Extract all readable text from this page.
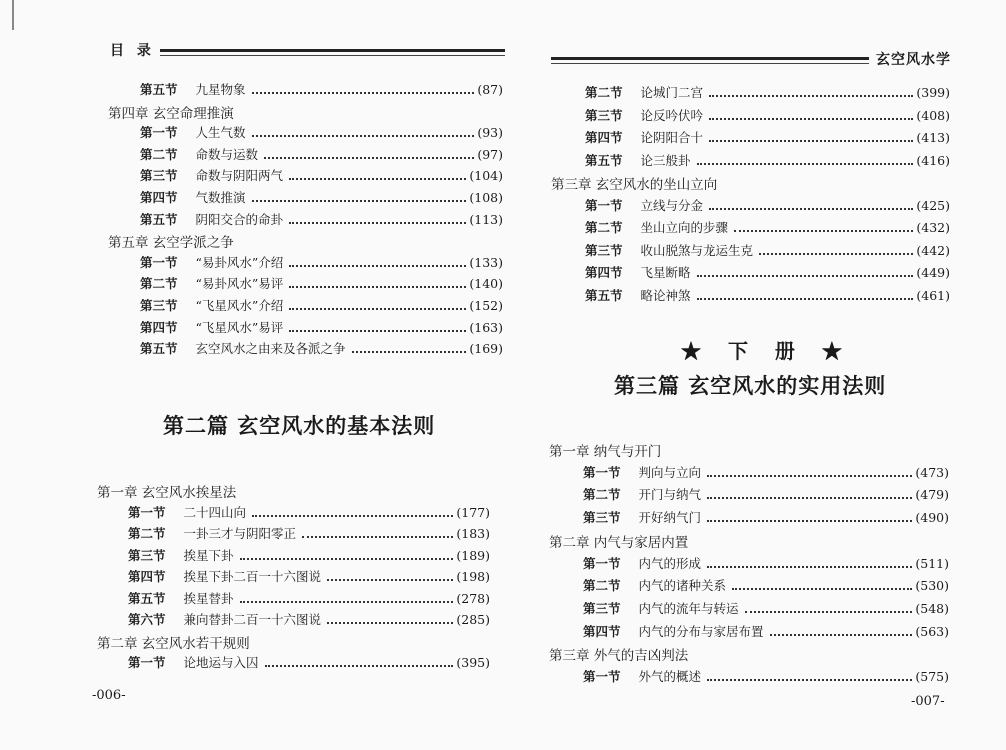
目 录
第五节 九星物象	(87)
第四章 玄空命理推演
第一节 人生气数	(93)
第二节 命数与运数	(97)
第三节 命数与阴阳两气	(104)
第四节 气数推演	(108)
第五节 阴阳交合的命卦	(113)
第五章 玄空学派之争
第一节 “易卦风水”介绍	(133)
第二节 “易卦风水”易评	(140)
第三节 “飞星风水”介绍	(152)
第四节 “飞星风水”易评	(163)
第五节 玄空风水之由来及各派之争	(169)
第二篇 玄空风水的基本法则
第一章 玄空风水挨星法
第一节 二十四山向	(177)
第二节 一卦三才与阴阳零正	(183)
第三节 挨星下卦	(189)
第四节 挨星下卦二百一十六图说	(198)
第五节 挨星替卦	(278)
第六节 兼向替卦二百一十六图说	(285)
第二章 玄空风水若干规则
第一节 论地运与入囚	(395)
-006-
玄空风水学
第二节 论城门二宫	(399)
第三节 论反吟伏吟	(408)
第四节 论阴阳合十	(413)
第五节 论三般卦	(416)
第三章 玄空风水的坐山立向
第一节 立线与分金	(425)
第二节 坐山立向的步骤	(432)
第三节 收山脱煞与龙运生克	(442)
第四节 飞星断略	(449)
第五节 略论神煞	(461)
★ 下 册 ★
第三篇 玄空风水的实用法则
第一章 纳气与开门
第一节 判向与立向	(473)
第二节 开门与纳气	(479)
第三节 开好纳气门	(490)
第二章 内气与家居内置
第一节 内气的形成	(511)
第二节 内气的诸种关系	(530)
第三节 内气的流年与转运	(548)
第四节 内气的分布与家居布置	(563)
第三章 外气的吉凶判法
第一节 外气的概述	(575)
-007-
